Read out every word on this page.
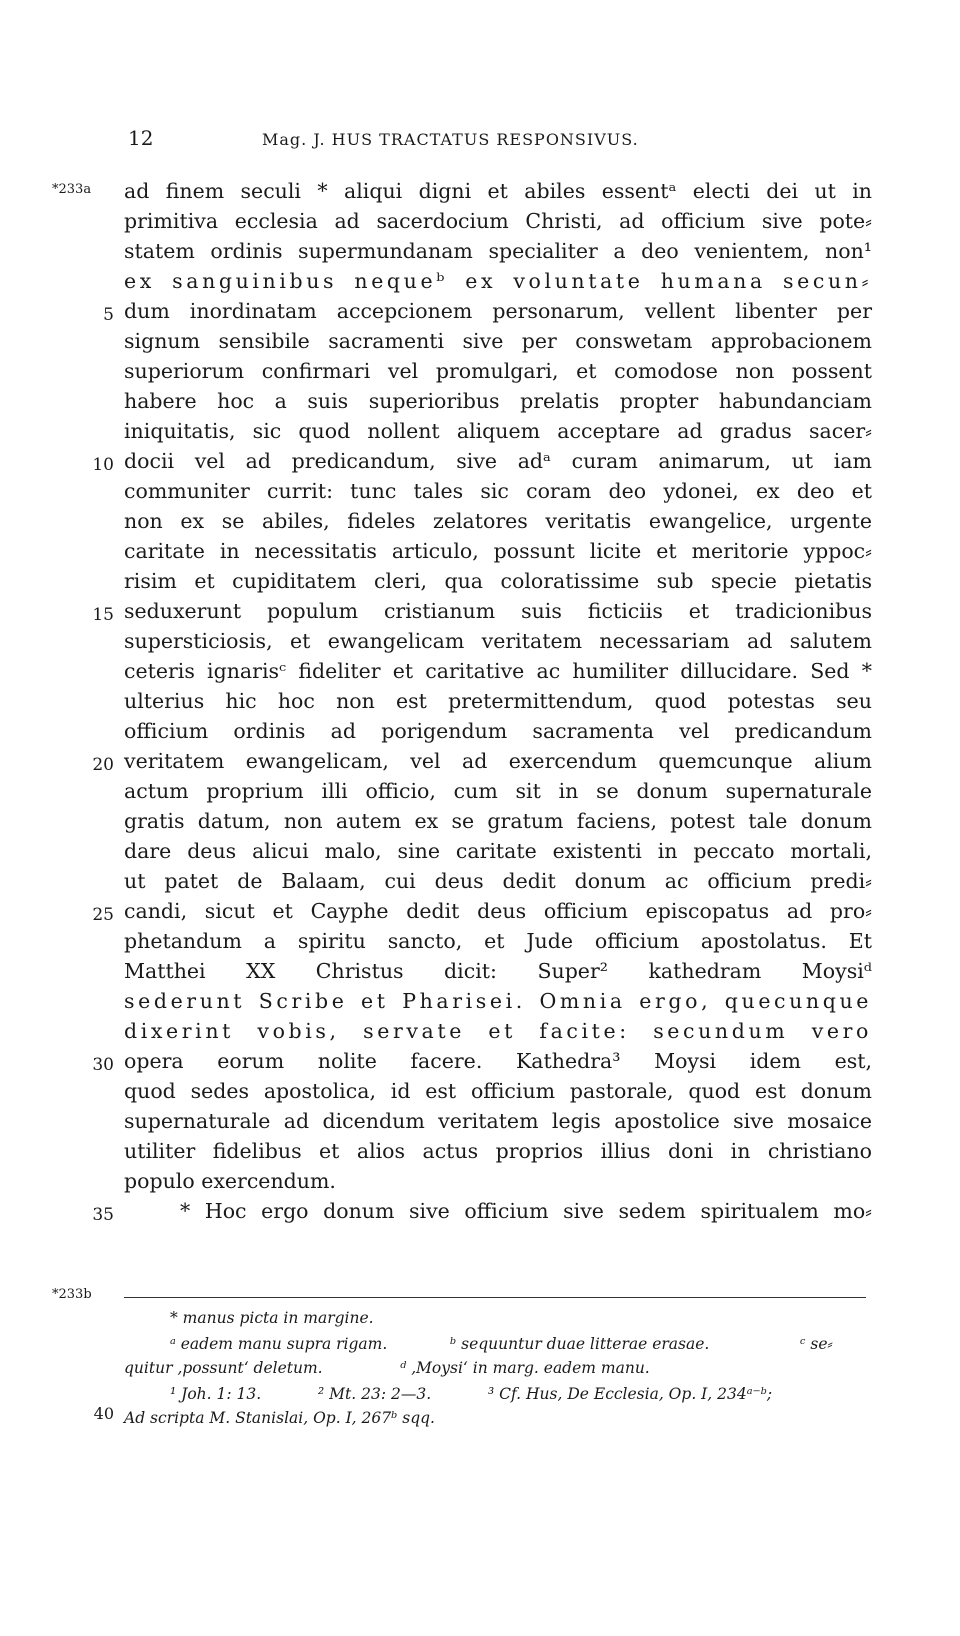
12	Mag. J. HUS TRACTATUS RESPONSIVUS.
*233a
5
10
15
20
25
30
35
ad finem seculi * aliqui digni et abiles essentᵃ electi dei ut in
primitiva ecclesia ad sacerdocium Christi, ad officium sive pote⸗
statem ordinis supermundanam specialiter a deo venientem, non¹
ex sanguinibus nequeᵇ ex voluntate humana secun⸗
dum inordinatam accepcionem personarum, vellent libenter per
signum sensibile sacramenti sive per conswetam approbacionem
superiorum confirmari vel promulgari, et comodose non possent
habere hoc a suis superioribus prelatis propter habundanciam
iniquitatis, sic quod nollent aliquem acceptare ad gradus sacer⸗
docii vel ad predicandum, sive adᵃ curam animarum, ut iam
communiter currit: tunc tales sic coram deo ydonei, ex deo et
non ex se abiles, fideles zelatores veritatis ewangelice, urgente
caritate in necessitatis articulo, possunt licite et meritorie yppoc⸗
risim et cupiditatem cleri, qua coloratissime sub specie pietatis
seduxerunt populum cristianum suis ficticiis et tradicionibus
supersticiosis, et ewangelicam veritatem necessariam ad salutem
ceteris ignarisᶜ fideliter et caritative ac humiliter dillucidare. Sed *
ulterius hic hoc non est pretermittendum, quod potestas seu
officium ordinis ad porigendum sacramenta vel predicandum
veritatem ewangelicam, vel ad exercendum quemcunque alium
actum proprium illi officio, cum sit in se donum supernaturale
gratis datum, non autem ex se gratum faciens, potest tale donum
dare deus alicui malo, sine caritate existenti in peccato mortali,
ut patet de Balaam, cui deus dedit donum ac officium predi⸗
candi, sicut et Cayphe dedit deus officium episcopatus ad pro⸗
phetandum a spiritu sancto, et Jude officium apostolatus. Et
Matthei XX Christus dicit: Super² kathedram Moysiᵈ
sederunt Scribe et Pharisei. Omnia ergo, quecunque
dixerint vobis, servate et facite: secundum vero
opera eorum nolite facere. Kathedra³ Moysi idem est,
quod sedes apostolica, id est officium pastorale, quod est donum
supernaturale ad dicendum veritatem legis apostolice sive mosaice
utiliter fidelibus et alios actus proprios illius doni in christiano
populo exercendum.
* Hoc ergo donum sive officium sive sedem spiritualem mo⸗
*233b
* manus picta in margine.
ᵃ eadem manu supra rigam.	ᵇ sequuntur duae litterae erasae.	ᶜ se⸗
quitur ‚possunt‘ deletum.	ᵈ ‚Moysi‘ in marg. eadem manu.
¹ Joh. 1: 13.	² Mt. 23: 2—3.	³ Cf. Hus, De Ecclesia, Op. I, 234ᵃ⁻ᵇ;
40 Ad scripta M. Stanislai, Op. I, 267ᵇ sqq.
